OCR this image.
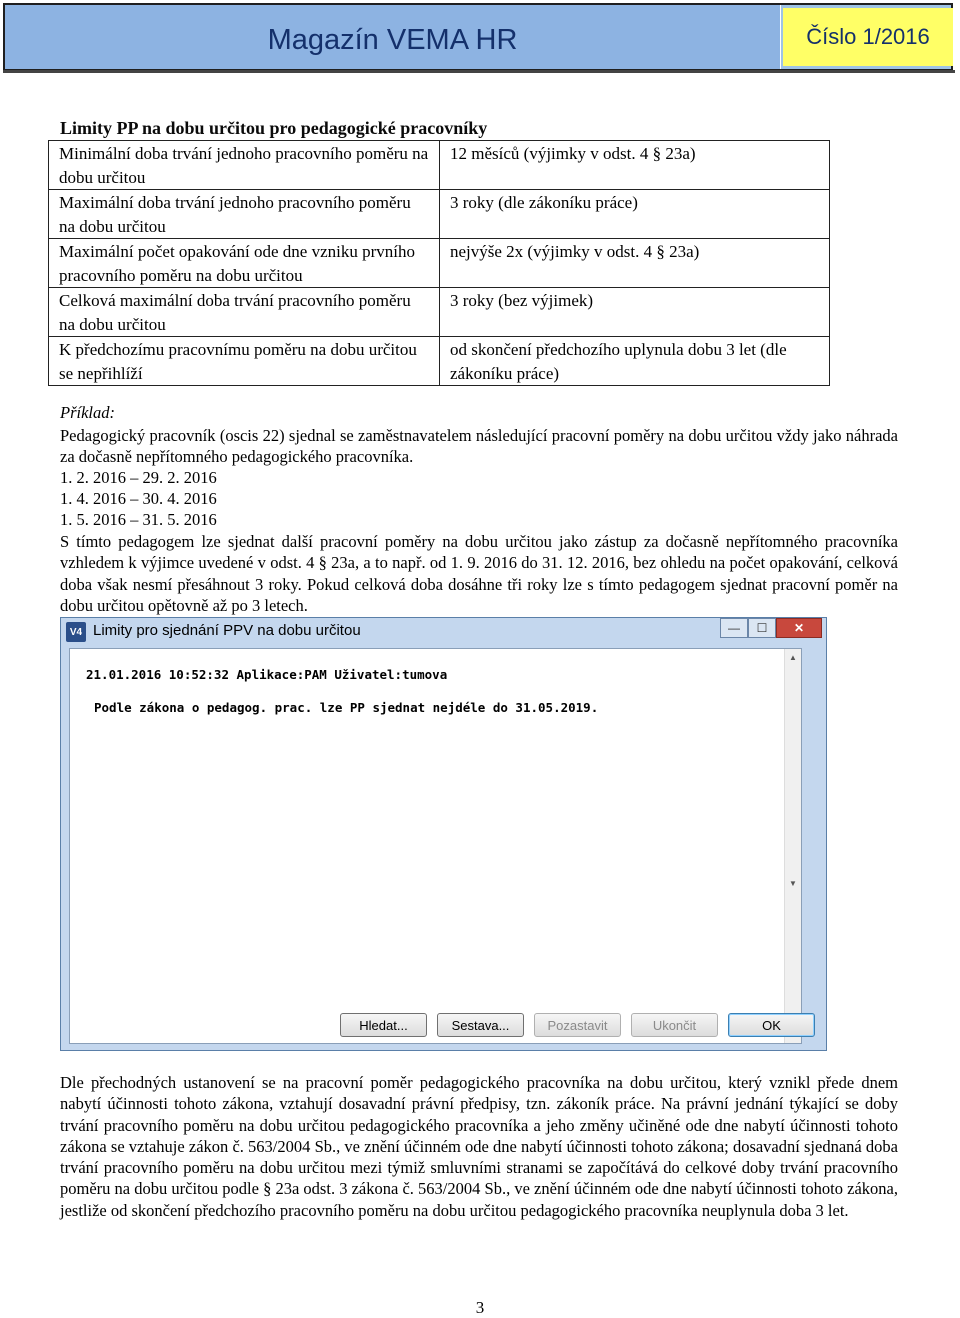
Magazín VEMA HR	Číslo 1/2016
Limity PP na dobu určitou pro pedagogické pracovníky
Minimální doba trvání jednoho pracovního poměru na dobu určitou	12 měsíců (výjimky v odst. 4 § 23a)
Maximální doba trvání jednoho pracovního poměru na dobu určitou	3 roky (dle zákoníku práce)
Maximální počet opakování ode dne vzniku prvního pracovního poměru na dobu určitou	nejvýše 2x (výjimky v odst. 4 § 23a)
Celková maximální doba trvání pracovního poměru na dobu určitou	3 roky (bez výjimek)
K předchozímu pracovnímu poměru na dobu určitou se nepřihlíží	od skončení předchozího uplynula dobu 3 let (dle zákoníku práce)
Příklad:
Pedagogický pracovník (oscis 22) sjednal se zaměstnavatelem následující pracovní poměry na dobu určitou vždy jako náhrada za dočasně nepřítomného pedagogického pracovníka.
1. 2. 2016 – 29. 2. 2016
1. 4. 2016 – 30. 4. 2016
1. 5. 2016 – 31. 5. 2016
S tímto pedagogem lze sjednat další pracovní poměry na dobu určitou jako zástup za dočasně nepřítomného pracovníka vzhledem k výjimce uvedené v odst. 4 § 23a, a to např. od 1. 9. 2016 do 31. 12. 2016, bez ohledu na počet opakování, celková doba však nesmí přesáhnout 3 roky. Pokud celková doba dosáhne tři roky lze s tímto pedagogem sjednat pracovní poměr na dobu určitou opětovně až po 3 letech.
V4 Limity pro sjednání PPV na dobu určitou	—	☐	✕
21.01.2016 10:52:32 Aplikace:PAM Uživatel:tumova
Podle zákona o pedagog. prac. lze PP sjednat nejdéle do 31.05.2019.
▲
▼
Hledat...	Sestava...	Pozastavit	Ukončit	OK
Dle přechodných ustanovení se na pracovní poměr pedagogického pracovníka na dobu určitou, který vznikl přede dnem nabytí účinnosti tohoto zákona, vztahují dosavadní právní předpisy, tzn. zákoník práce. Na právní jednání týkající se doby trvání pracovního poměru na dobu určitou pedagogického pracovníka a jeho změny učiněné ode dne nabytí účinnosti tohoto zákona se vztahuje zákon č. 563/2004 Sb., ve znění účinném ode dne nabytí účinnosti tohoto zákona; dosavadní sjednaná doba trvání pracovního poměru na dobu určitou mezi týmiž smluvními stranami se započítává do celkové doby trvání pracovního poměru na dobu určitou podle § 23a odst. 3 zákona č. 563/2004 Sb., ve znění účinném ode dne nabytí účinnosti tohoto zákona, jestliže od skončení předchozího pracovního poměru na dobu určitou pedagogického pracovníka neuplynula doba 3 let.
3
